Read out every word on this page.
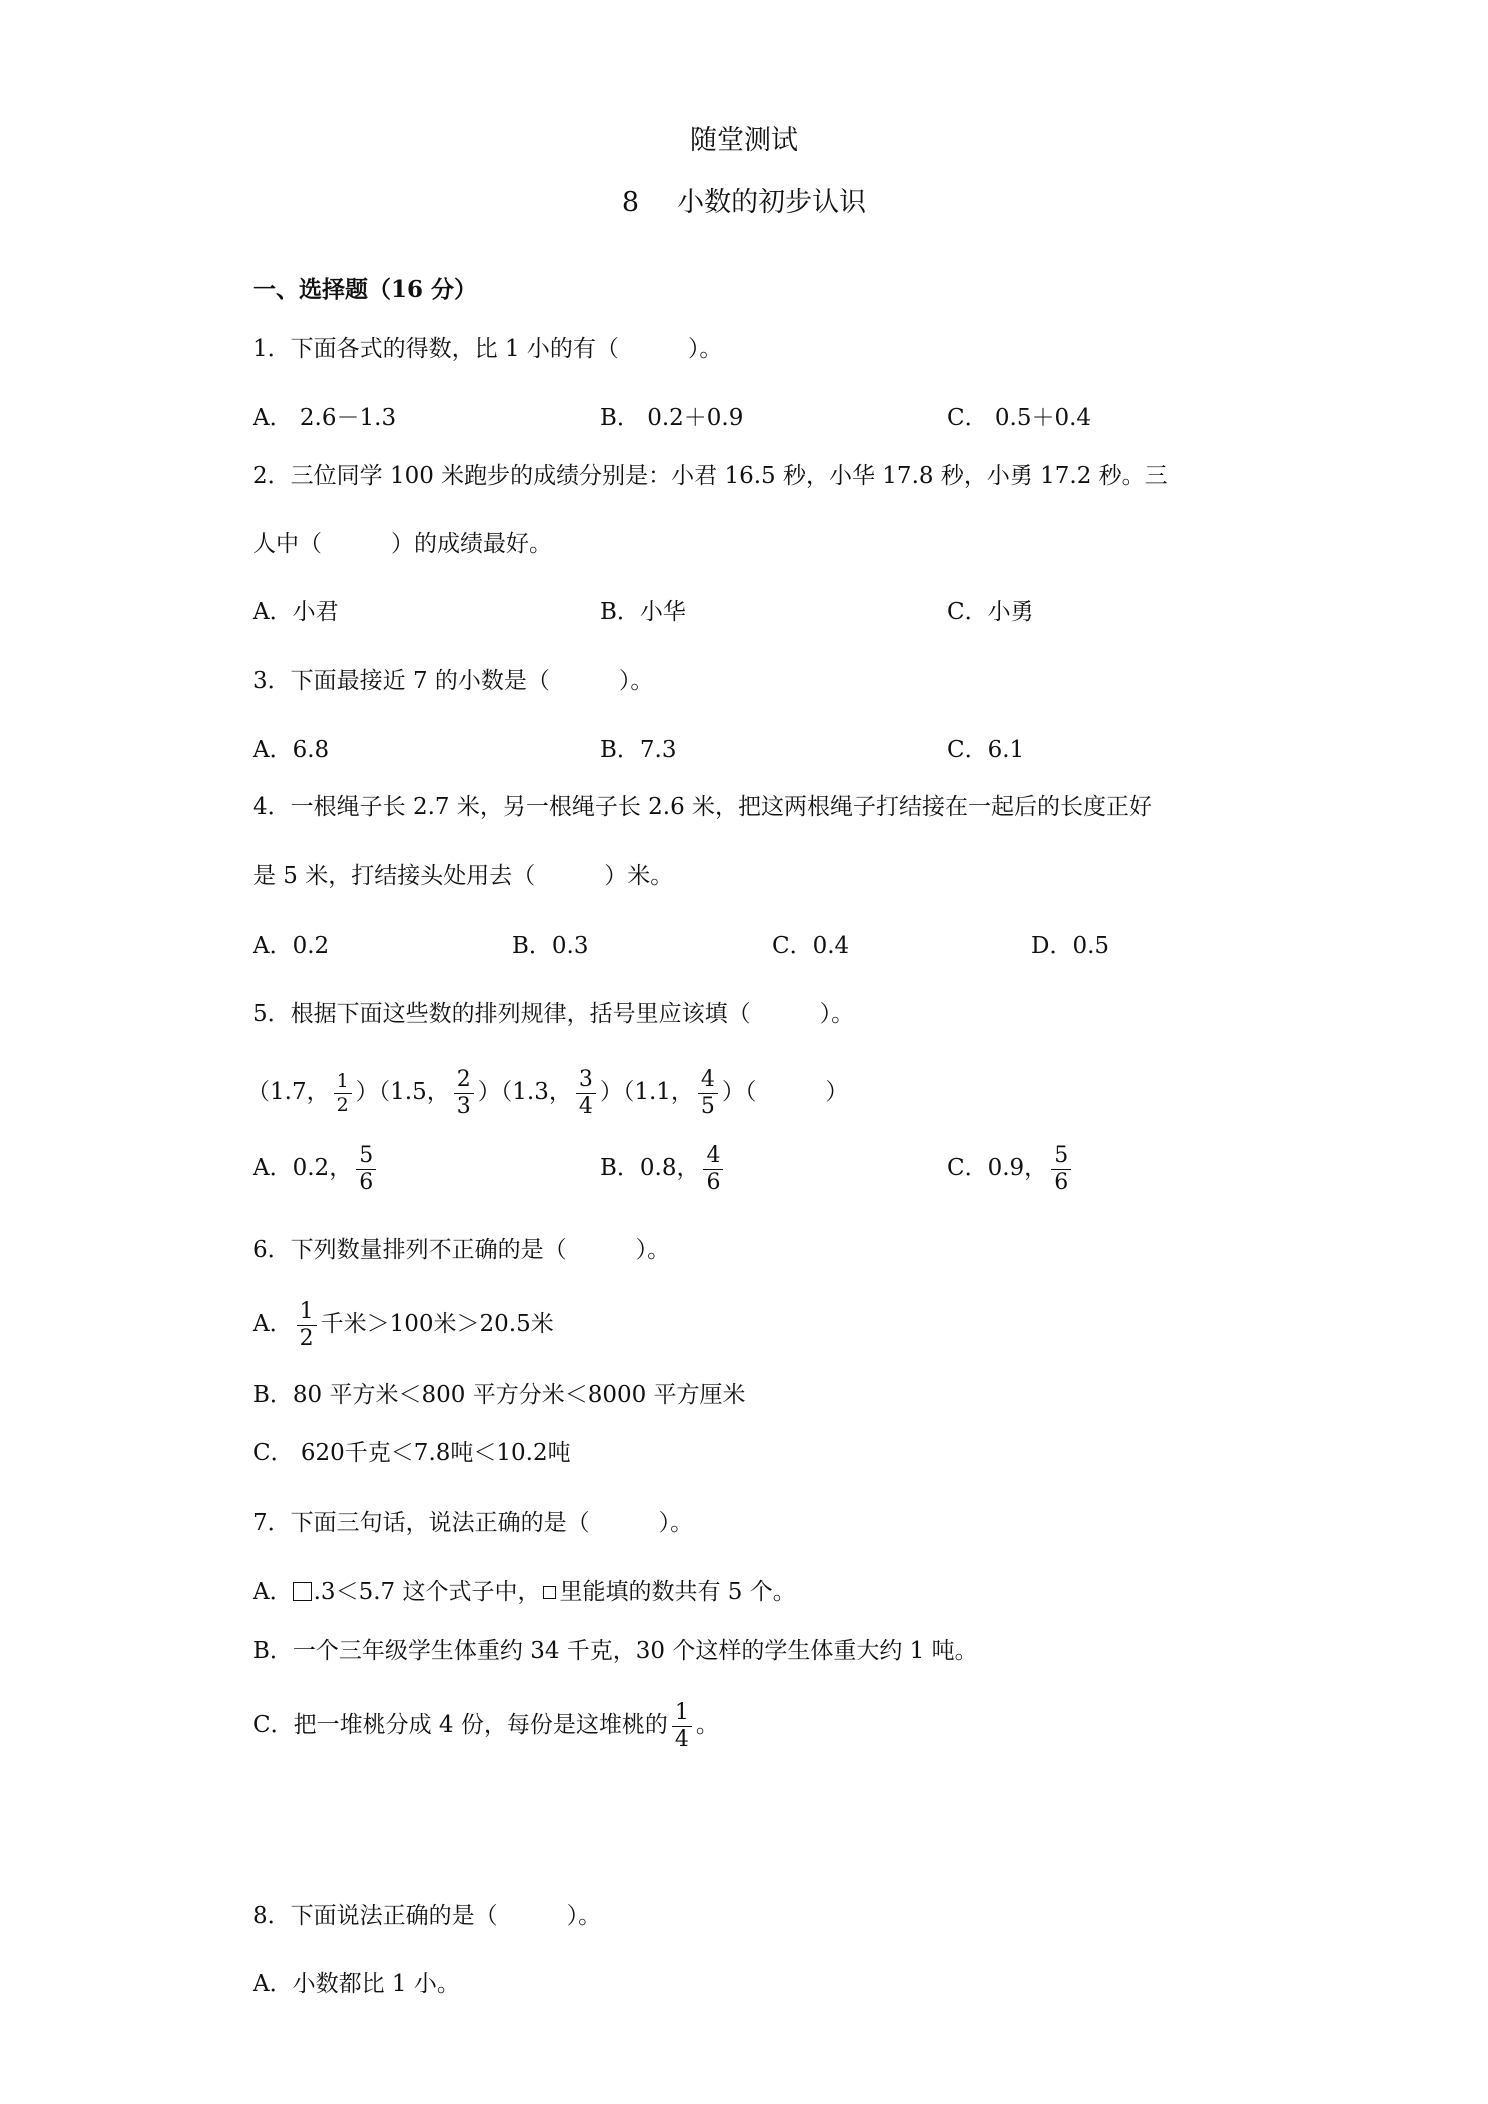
随堂测试
8 小数的初步认识
一、选择题（16 分）
1．下面各式的得数，比 1 小的有（　　　）。
A． 2.6－1.3	B． 0.2＋0.9	C． 0.5＋0.4
2．三位同学 100 米跑步的成绩分别是：小君 16.5 秒，小华 17.8 秒，小勇 17.2 秒。三
人中（　　　）的成绩最好。
A．小君	B．小华	C．小勇
3．下面最接近 7 的小数是（　　　）。
A．6.8	B．7.3	C．6.1
4．一根绳子长 2.7 米，另一根绳子长 2.6 米，把这两根绳子打结接在一起后的长度正好
是 5 米，打结接头处用去（　　　）米。
A．0.2	B．0.3	C．0.4	D．0.5
5．根据下面这些数的排列规律，括号里应该填（　　　）。
（1.7， $\frac{1}{2} )(1.5$， $\frac{2}{3} )(1.3$， $\frac{3}{4} )(1.1$， $\frac{4}{5}$ ）（　　　）
A．0.2， $\frac{5}{6}$	B．0.8， $\frac{4}{6}$	C．0.9， $\frac{5}{6}$
6．下列数量排列不正确的是（　　　）。
A． $\frac{1}{2}$ 千米＞100米＞20.5米
B．80 平方米＜800 平方分米＜8000 平方厘米
C． 620千克＜7.8吨＜10.2吨
7．下面三句话，说法正确的是（　　　）。
A． .3＜5.7 这个式子中， 里能填的数共有 5 个。
B．一个三年级学生体重约 34 千克，30 个这样的学生体重大约 1 吨。
C．把一堆桃分成 4 份，每份是这堆桃的 $\frac{1}{4}$ 。
8．下面说法正确的是（　　　）。
A．小数都比 1 小。
